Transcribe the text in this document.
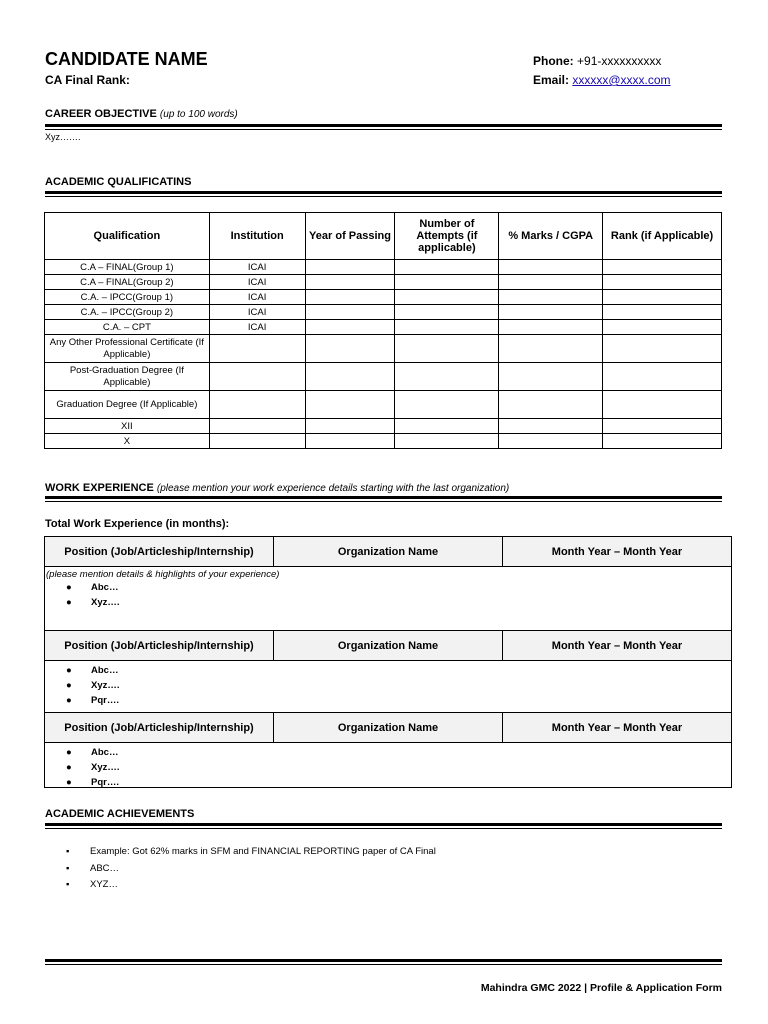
CANDIDATE NAME
CA Final Rank:
Phone: +91-xxxxxxxxxx
Email: xxxxxx@xxxx.com
CAREER OBJECTIVE (up to 100 words)
Xyz…….
ACADEMIC QUALIFICATINS
Qualification	Institution	Year of Passing	Number of Attempts (if applicable)	% Marks / CGPA	Rank (if Applicable)
C.A – FINAL(Group 1)	ICAI				
C.A – FINAL(Group 2)	ICAI				
C.A. – IPCC(Group 1)	ICAI				
C.A. – IPCC(Group 2)	ICAI				
C.A. – CPT	ICAI				
Any Other Professional Certificate (If Applicable)					
Post-Graduation Degree (If Applicable)					
Graduation Degree (If Applicable)					
XII					
X					
WORK EXPERIENCE (please mention your work experience details starting with the last organization)
Total Work Experience (in months):
Position (Job/Articleship/Internship)	Organization Name	Month Year – Month Year
(please mention details & highlights of your experience)
● Abc…
● Xyz….
Position (Job/Articleship/Internship)	Organization Name	Month Year – Month Year
● Abc…
● Xyz….
● Pqr….
Position (Job/Articleship/Internship)	Organization Name	Month Year – Month Year
● Abc…
● Xyz….
● Pqr….
ACADEMIC ACHIEVEMENTS
▪ Example: Got 62% marks in SFM and FINANCIAL REPORTING paper of CA Final
▪ ABC…
▪ XYZ…
Mahindra GMC 2022 | Profile & Application Form
